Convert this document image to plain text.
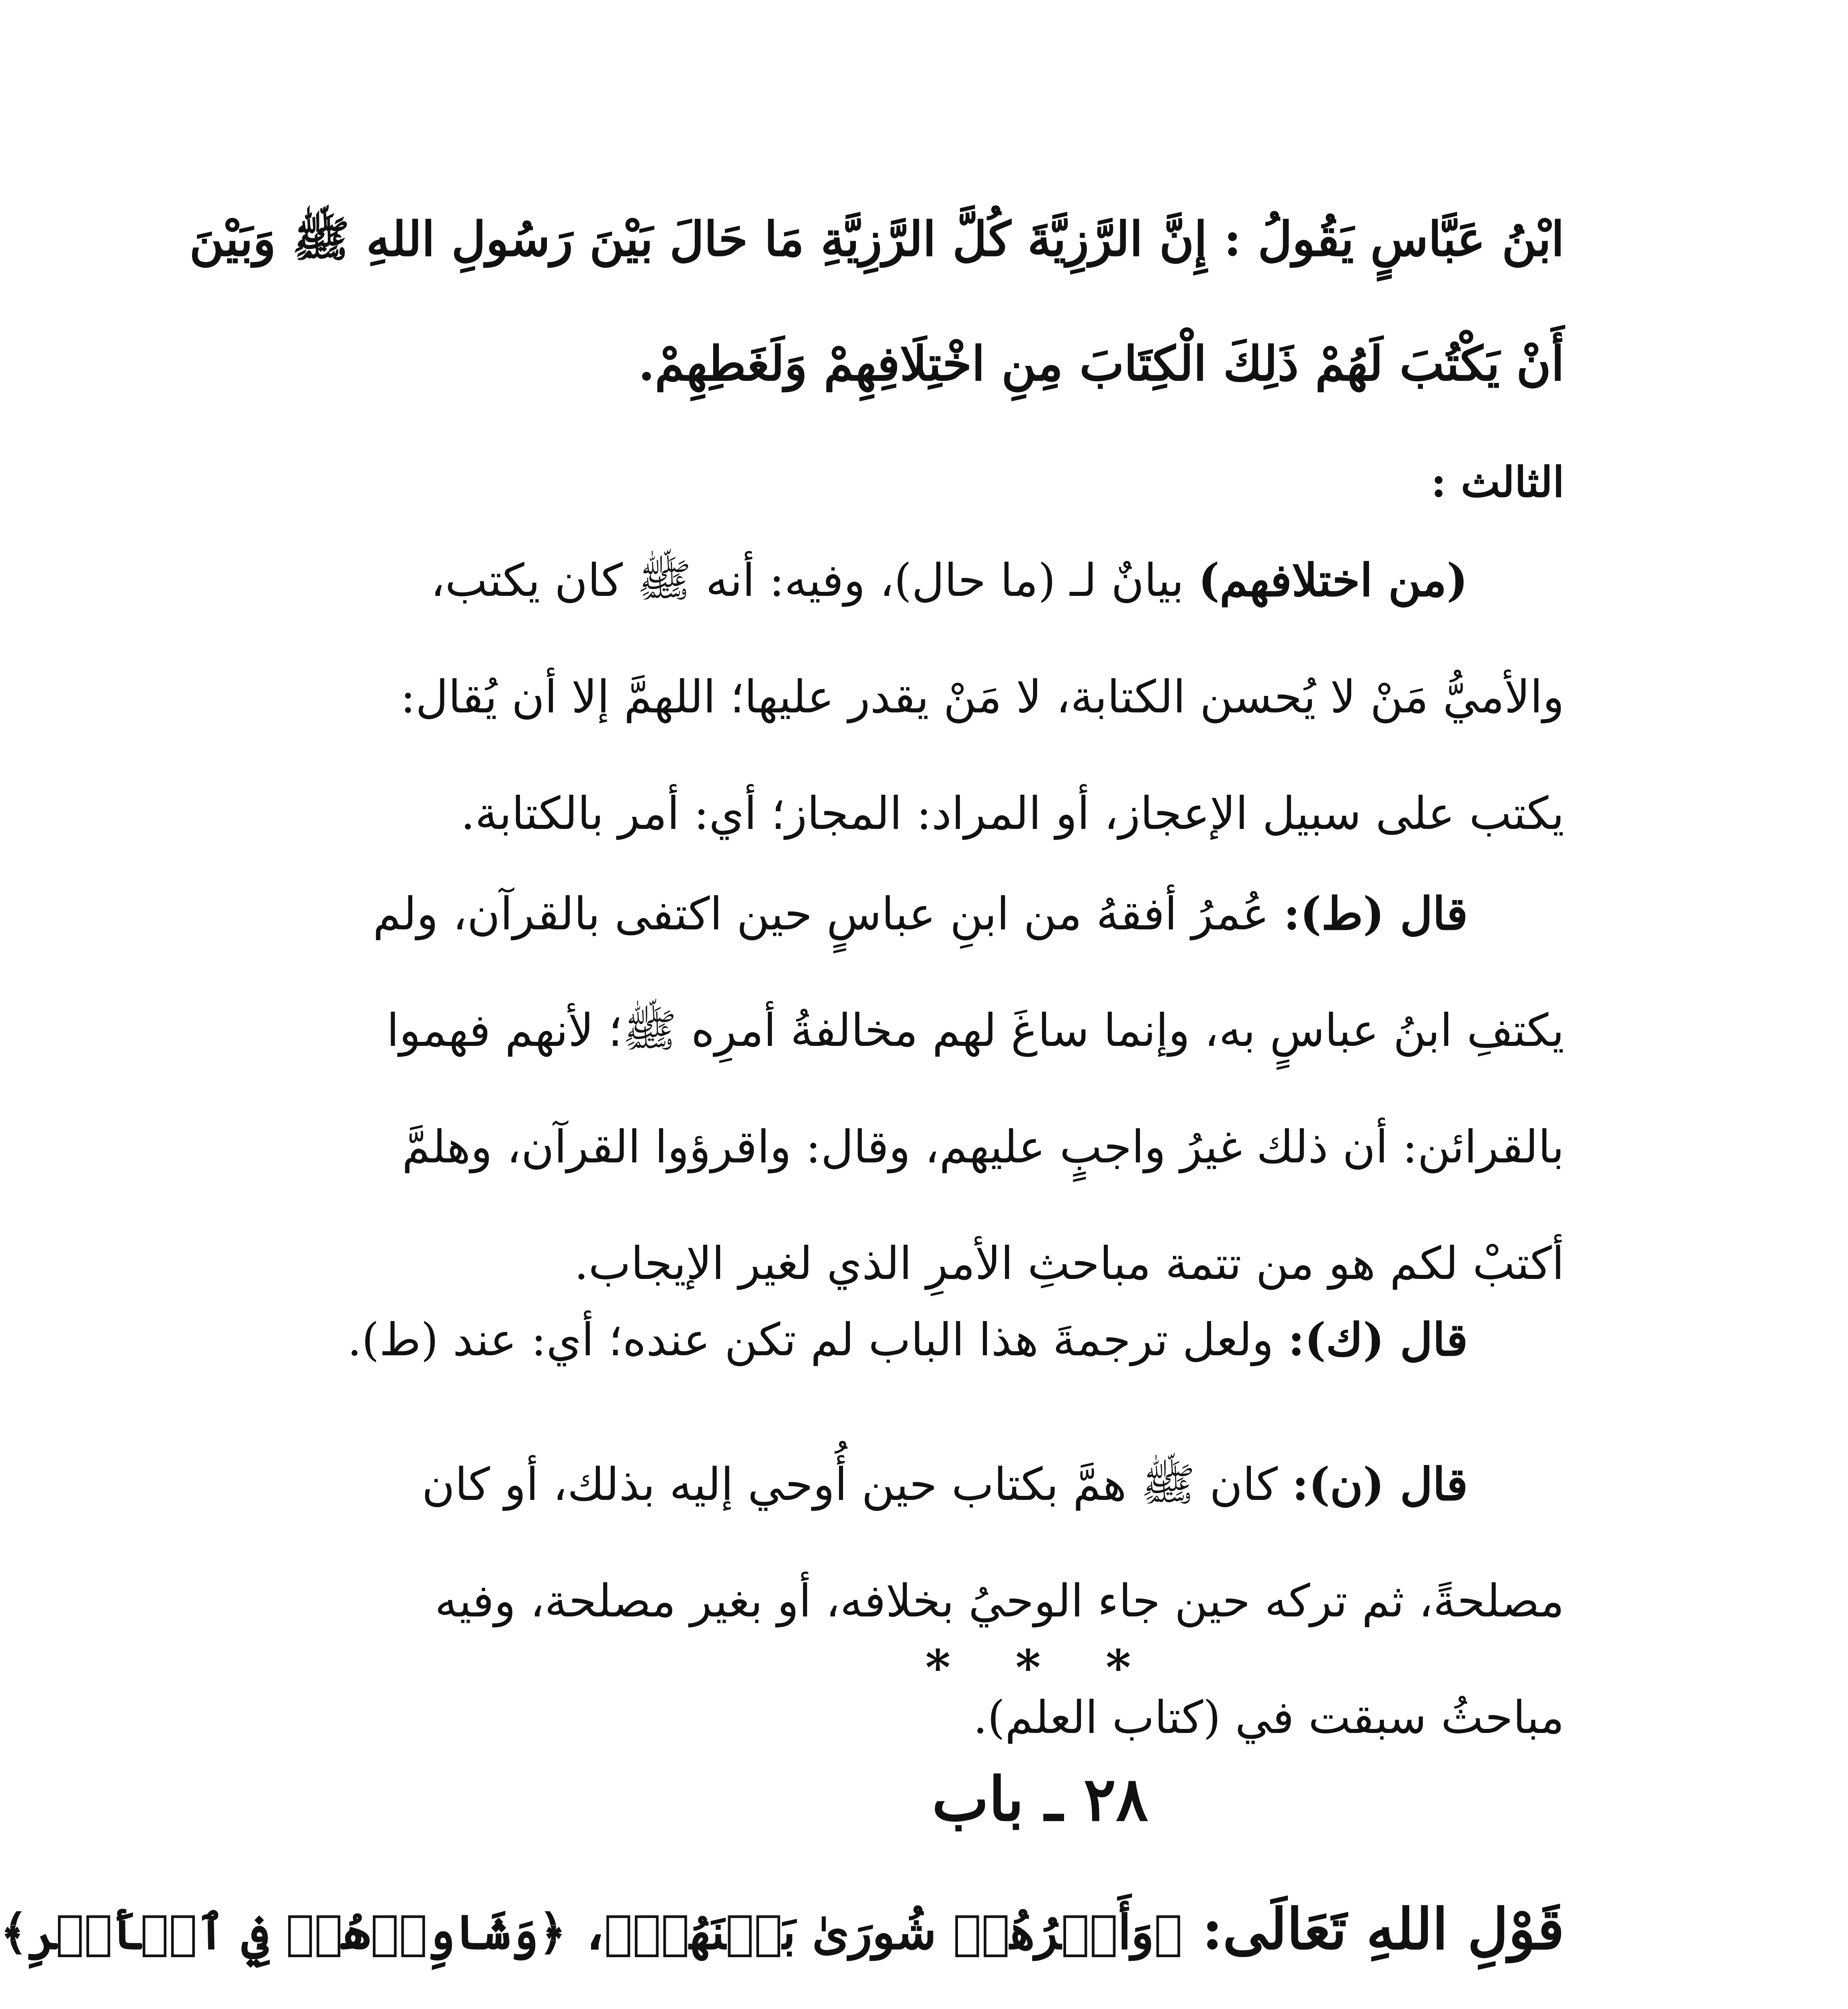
ابْنُ عَبَّاسٍ يَقُولُ : إِنَّ الرَّزِيَّةَ كُلَّ الرَّزِيَّةِ مَا حَالَ بَيْنَ رَسُولِ اللهِ ﷺ وَبَيْنَ
أَنْ يَكْتُبَ لَهُمْ ذَلِكَ الْكِتَابَ مِنِ اخْتِلَافِهِمْ وَلَغَطِهِمْ.
الثالث :
(من اختلافهم) بيانٌ لـ (ما حال)، وفيه: أنه ﷺ كان يكتب،
والأميُّ مَنْ لا يُحسن الكتابة، لا مَنْ يقدر عليها؛ اللهمَّ إلا أن يُقال:
يكتب على سبيل الإعجاز، أو المراد: المجاز؛ أي: أمر بالكتابة.
قال (ط): عُمرُ أفقهُ من ابنِ عباسٍ حين اكتفى بالقرآن، ولم
يكتفِ ابنُ عباسٍ به، وإنما ساغَ لهم مخالفةُ أمرِه ﷺ؛ لأنهم فهموا
بالقرائن: أن ذلك غيرُ واجبٍ عليهم، وقال: واقرؤوا القرآن، وهلمَّ
أكتبْ لكم هو من تتمة مباحثِ الأمرِ الذي لغير الإيجاب.
قال (ك): ولعل ترجمةَ هذا الباب لم تكن عنده؛ أي: عند (ط).
قال (ن): كان ﷺ همَّ بكتاب حين أُوحي إليه بذلك، أو كان
مصلحةً، ثم تركه حين جاء الوحيُ بخلافه، أو بغير مصلحة، وفيه
مباحثُ سبقت في (كتاب العلم).
* * *
٢٨ ـ باب
قَوْلِ اللهِ تَعَالَى: ﴿وَأَمۡرُهُمۡ شُورَىٰ بَيۡنَهُمۡ﴾، ﴿وَشَاوِرۡهُمۡ فِي ٱلۡأَمۡرِ﴾
